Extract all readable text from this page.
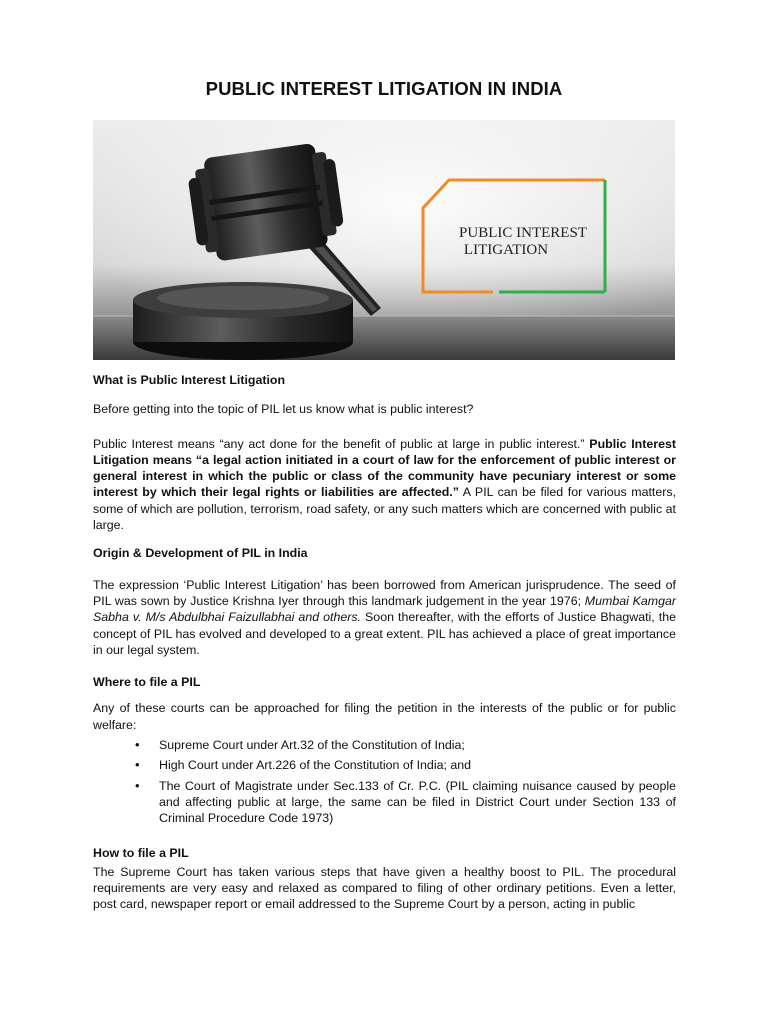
PUBLIC INTEREST LITIGATION IN INDIA
PUBLIC INTEREST
LITIGATION

What is Public Interest Litigation

Before getting into the topic of PIL let us know what is public interest?

Public Interest means “any act done for the benefit of public at large in public interest.” Public Interest Litigation means “a legal action initiated in a court of law for the enforcement of public interest or general interest in which the public or class of the community have pecuniary interest or some interest by which their legal rights or liabilities are affected.” A PIL can be filed for various matters, some of which are pollution, terrorism, road safety, or any such matters which are concerned with public at large.

Origin & Development of PIL in India

The expression ‘Public Interest Litigation’ has been borrowed from American jurisprudence. The seed of PIL was sown by Justice Krishna Iyer through this landmark judgement in the year 1976; Mumbai Kamgar Sabha v. M/s Abdulbhai Faizullabhai and others. Soon thereafter, with the efforts of Justice Bhagwati, the concept of PIL has evolved and developed to a great extent. PIL has achieved a place of great importance in our legal system.

Where to file a PIL

Any of these courts can be approached for filing the petition in the interests of the public or for public welfare:

• Supreme Court under Art.32 of the Constitution of India;
• High Court under Art.226 of the Constitution of India; and
• The Court of Magistrate under Sec.133 of Cr. P.C. (PIL claiming nuisance caused by people and affecting public at large, the same can be filed in District Court under Section 133 of Criminal Procedure Code 1973)

How to file a PIL

The Supreme Court has taken various steps that have given a healthy boost to PIL. The procedural requirements are very easy and relaxed as compared to filing of other ordinary petitions. Even a letter, post card, newspaper report or email addressed to the Supreme Court by a person, acting in public
